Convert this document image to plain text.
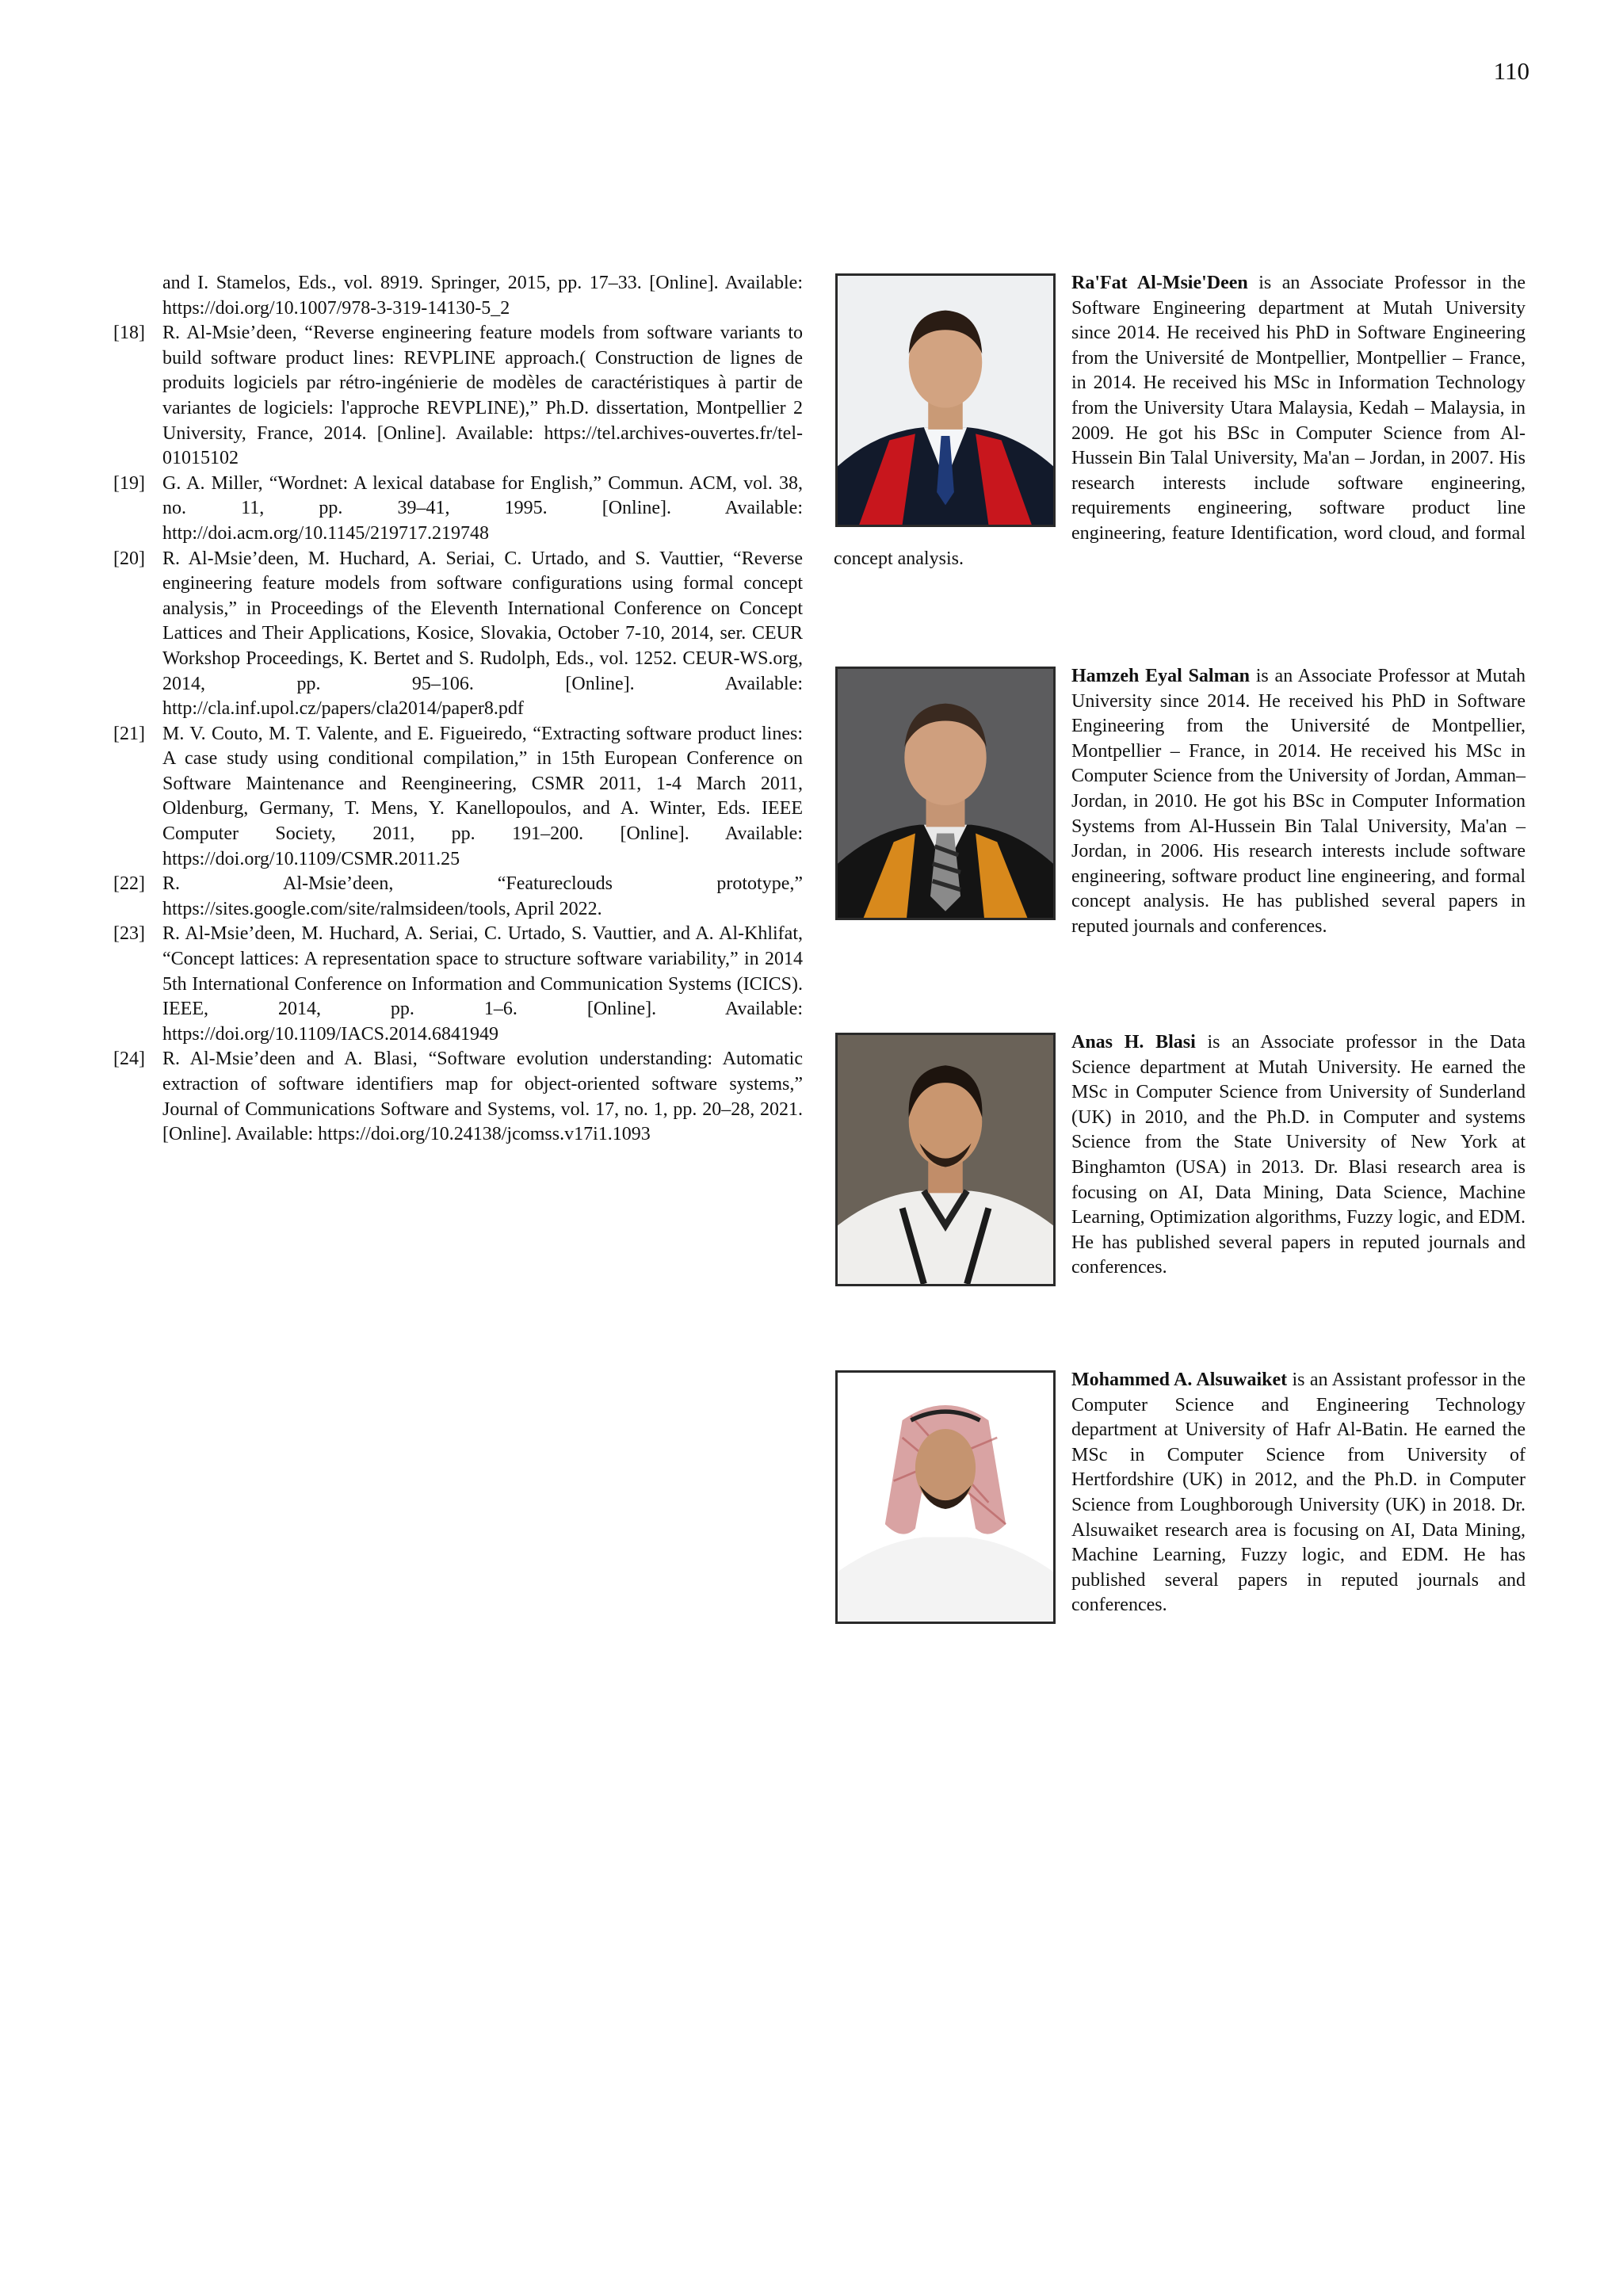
110

and I. Stamelos, Eds., vol. 8919. Springer, 2015, pp. 17–33. [Online]. Available: https://doi.org/10.1007/978-3-319-14130-5_2

[18] R. Al-Msie’deen, “Reverse engineering feature models from software variants to build software product lines: REVPLINE approach.( Construction de lignes de produits logiciels par rétro-ingénierie de modèles de caractéristiques à partir de variantes de logiciels: l'approche REVPLINE),” Ph.D. dissertation, Montpellier 2 University, France, 2014. [Online]. Available: https://tel.archives-ouvertes.fr/tel-01015102

[19] G. A. Miller, “Wordnet: A lexical database for English,” Commun. ACM, vol. 38, no. 11, pp. 39–41, 1995. [Online]. Available: http://doi.acm.org/10.1145/219717.219748

[20] R. Al-Msie’deen, M. Huchard, A. Seriai, C. Urtado, and S. Vauttier, “Reverse engineering feature models from software configurations using formal concept analysis,” in Proceedings of the Eleventh International Conference on Concept Lattices and Their Applications, Kosice, Slovakia, October 7-10, 2014, ser. CEUR Workshop Proceedings, K. Bertet and S. Rudolph, Eds., vol. 1252. CEUR-WS.org, 2014, pp. 95–106. [Online]. Available: http://cla.inf.upol.cz/papers/cla2014/paper8.pdf

[21] M. V. Couto, M. T. Valente, and E. Figueiredo, “Extracting software product lines: A case study using conditional compilation,” in 15th European Conference on Software Maintenance and Reengineering, CSMR 2011, 1-4 March 2011, Oldenburg, Germany, T. Mens, Y. Kanellopoulos, and A. Winter, Eds. IEEE Computer Society, 2011, pp. 191–200. [Online]. Available: https://doi.org/10.1109/CSMR.2011.25

[22] R. Al-Msie’deen, “Featureclouds prototype,” https://sites.google.com/site/ralmsideen/tools, April 2022.

[23] R. Al-Msie’deen, M. Huchard, A. Seriai, C. Urtado, S. Vauttier, and A. Al-Khlifat, “Concept lattices: A representation space to structure software variability,” in 2014 5th International Conference on Information and Communication Systems (ICICS). IEEE, 2014, pp. 1–6. [Online]. Available: https://doi.org/10.1109/IACS.2014.6841949

[24] R. Al-Msie’deen and A. Blasi, “Software evolution understanding: Automatic extraction of software identifiers map for object-oriented software systems,” Journal of Communications Software and Systems, vol. 17, no. 1, pp. 20–28, 2021. [Online]. Available: https://doi.org/10.24138/jcomss.v17i1.1093

Ra'Fat Al-Msie'Deen is an Associate Professor in the Software Engineering department at Mutah University since 2014. He received his PhD in Software Engineering from the Université de Montpellier, Montpellier – France, in 2014. He received his MSc in Information Technology from the University Utara Malaysia, Kedah – Malaysia, in 2009. He got his BSc in Computer Science from Al-Hussein Bin Talal University, Ma'an – Jordan, in 2007. His research interests include software engineering, requirements engineering, software product line engineering, feature Identification, word cloud, and formal concept analysis.
Hamzeh Eyal Salman is an Associate Professor at Mutah University since 2014. He received his PhD in Software Engineering from the Université de Montpellier, Montpellier – France, in 2014. He received his MSc in Computer Science from the University of Jordan, Amman– Jordan, in 2010. He got his BSc in Computer Information Systems from Al-Hussein Bin Talal University, Ma'an – Jordan, in 2006. His research interests include software engineering, software product line engineering, and formal concept analysis. He has published several papers in reputed journals and conferences.
Anas H. Blasi is an Associate professor in the Data Science department at Mutah University. He earned the MSc in Computer Science from University of Sunderland (UK) in 2010, and the Ph.D. in Computer and systems Science from the State University of New York at Binghamton (USA) in 2013. Dr. Blasi research area is focusing on AI, Data Mining, Data Science, Machine Learning, Optimization algorithms, Fuzzy logic, and EDM. He has published several papers in reputed journals and conferences.
Mohammed A. Alsuwaiket is an Assistant professor in the Computer Science and Engineering Technology department at University of Hafr Al-Batin. He earned the MSc in Computer Science from University of Hertfordshire (UK) in 2012, and the Ph.D. in Computer Science from Loughborough University (UK) in 2018. Dr. Alsuwaiket research area is focusing on AI, Data Mining, Machine Learning, Fuzzy logic, and EDM. He has published several papers in reputed journals and conferences.
